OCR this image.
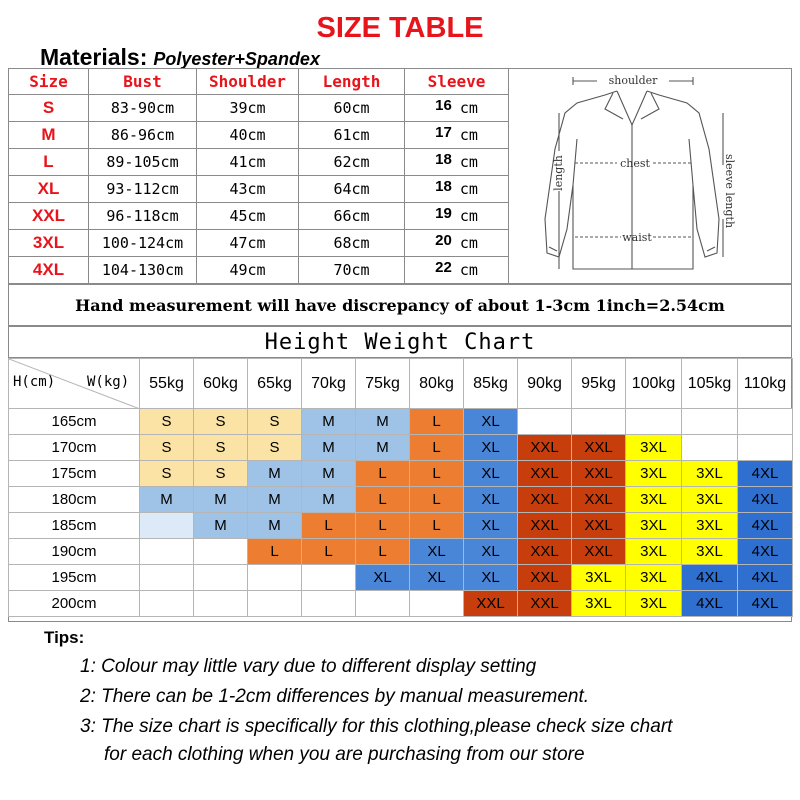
SIZE TABLE
Materials: Polyester+Spandex
Size	Bust	Shoulder	Length	Sleeve
S	83-90cm	39cm	60cm	16 cm
M	86-96cm	40cm	61cm	17 cm
L	89-105cm	41cm	62cm	18 cm
XL	93-112cm	43cm	64cm	18 cm
XXL	96-118cm	45cm	66cm	19 cm
3XL	100-124cm	47cm	68cm	20 cm
4XL	104-130cm	49cm	70cm	22 cm
shoulder
chest
waist
length	sleeve length
Hand measurement will have discrepancy of about 1-3cm 1inch=2.54cm
Height Weight Chart
H(cm) W(kg)	55kg	60kg	65kg	70kg	75kg	80kg	85kg	90kg	95kg	100kg	105kg	110kg
165cm	S	S	S	M	M	L	XL					
170cm	S	S	S	M	M	L	XL	XXL	XXL	3XL		
175cm	S	S	M	M	L	L	XL	XXL	XXL	3XL	3XL	4XL
180cm	M	M	M	M	L	L	XL	XXL	XXL	3XL	3XL	4XL
185cm		M	M	L	L	L	XL	XXL	XXL	3XL	3XL	4XL
190cm			L	L	L	XL	XL	XXL	XXL	3XL	3XL	4XL
195cm					XL	XL	XL	XXL	3XL	3XL	4XL	4XL
200cm							XXL	XXL	3XL	3XL	4XL	4XL
Tips:
1: Colour may little vary due to different display setting
2: There can be 1-2cm differences by manual measurement.
3: The size chart is specifically for this clothing,please check size chart
for each clothing when you are purchasing from our store
